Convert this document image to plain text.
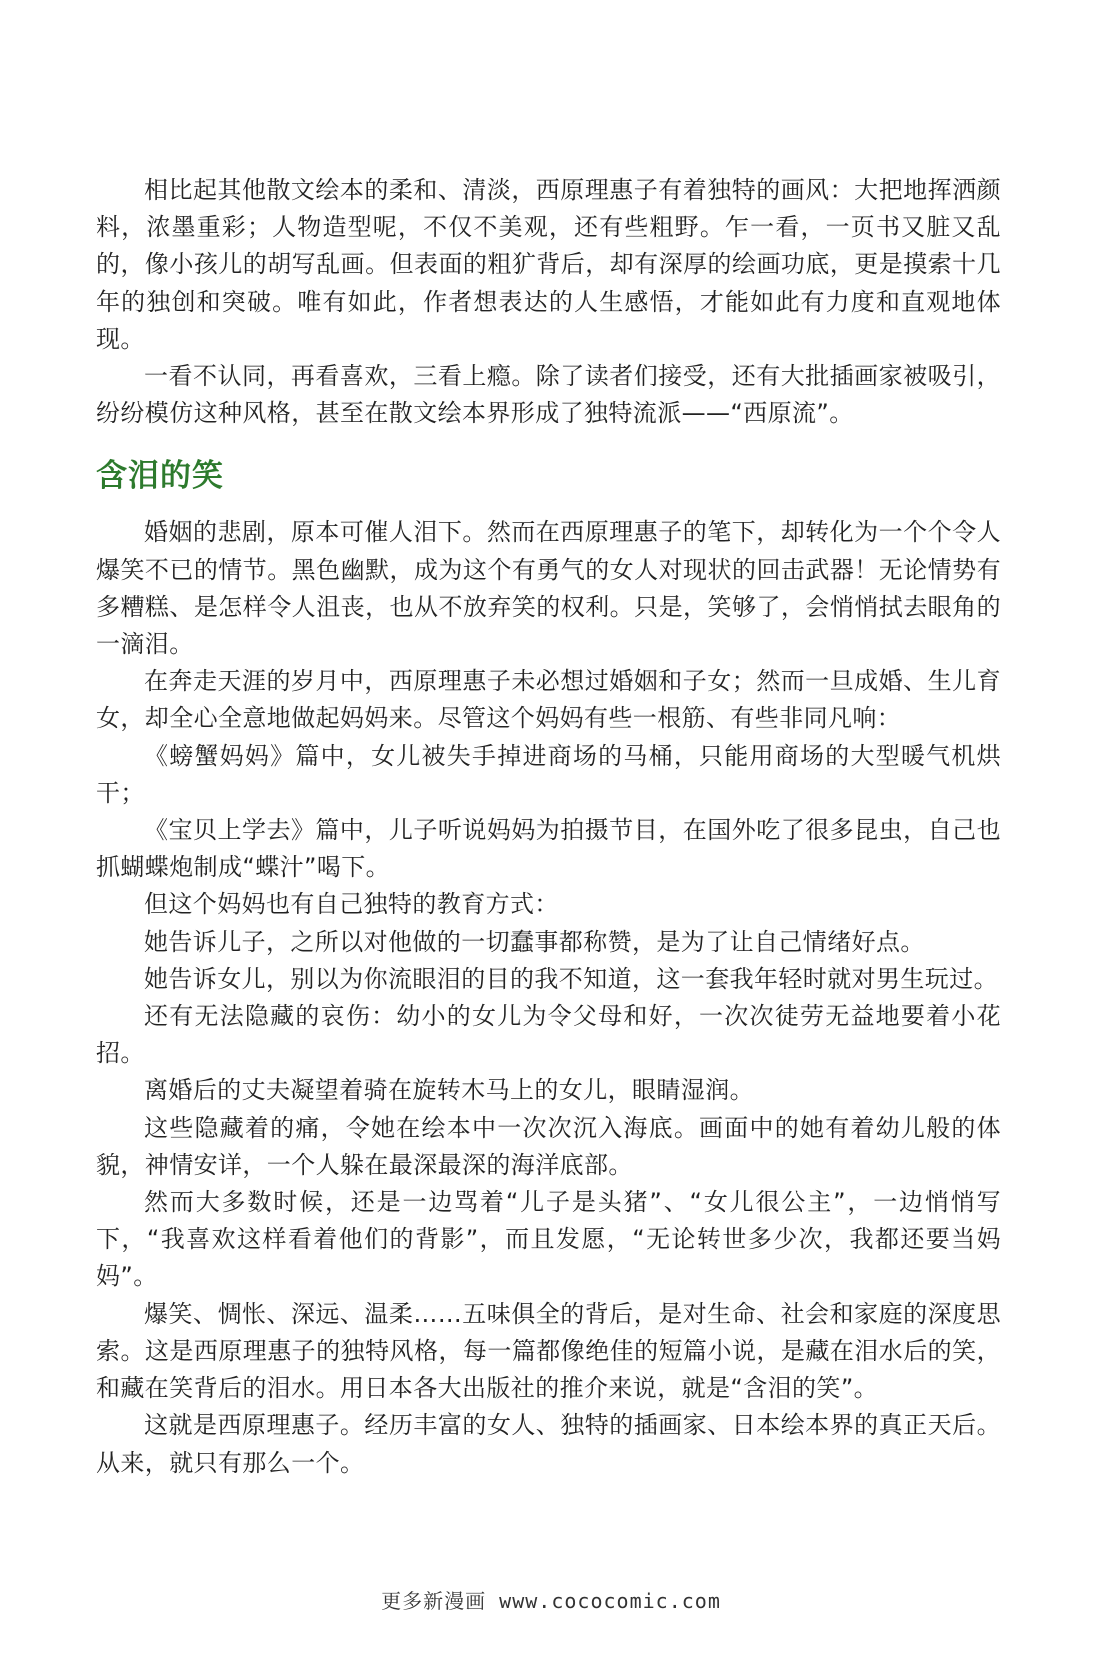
相比起其他散文绘本的柔和、清淡，西原理惠子有着独特的画风：大把地挥洒颜料，浓墨重彩；人物造型呢，不仅不美观，还有些粗野。乍一看，一页书又脏又乱的，像小孩儿的胡写乱画。但表面的粗犷背后，却有深厚的绘画功底，更是摸索十几年的独创和突破。唯有如此，作者想表达的人生感悟，才能如此有力度和直观地体现。

一看不认同，再看喜欢，三看上瘾。除了读者们接受，还有大批插画家被吸引，纷纷模仿这种风格，甚至在散文绘本界形成了独特流派——“西原流”。

含泪的笑

婚姻的悲剧，原本可催人泪下。然而在西原理惠子的笔下，却转化为一个个令人爆笑不已的情节。黑色幽默，成为这个有勇气的女人对现状的回击武器！无论情势有多糟糕、是怎样令人沮丧，也从不放弃笑的权利。只是，笑够了，会悄悄拭去眼角的一滴泪。

在奔走天涯的岁月中，西原理惠子未必想过婚姻和子女；然而一旦成婚、生儿育女，却全心全意地做起妈妈来。尽管这个妈妈有些一根筋、有些非同凡响：

《螃蟹妈妈》篇中，女儿被失手掉进商场的马桶，只能用商场的大型暖气机烘干；

《宝贝上学去》篇中，儿子听说妈妈为拍摄节目，在国外吃了很多昆虫，自己也抓蝴蝶炮制成“蝶汁”喝下。

但这个妈妈也有自己独特的教育方式：

她告诉儿子，之所以对他做的一切蠢事都称赞，是为了让自己情绪好点。

她告诉女儿，别以为你流眼泪的目的我不知道，这一套我年轻时就对男生玩过。

还有无法隐藏的哀伤：幼小的女儿为令父母和好，一次次徒劳无益地要着小花招。

离婚后的丈夫凝望着骑在旋转木马上的女儿，眼睛湿润。

这些隐藏着的痛，令她在绘本中一次次沉入海底。画面中的她有着幼儿般的体貌，神情安详，一个人躲在最深最深的海洋底部。

然而大多数时候，还是一边骂着“儿子是头猪”、“女儿很公主”，一边悄悄写下，“我喜欢这样看着他们的背影”，而且发愿，“无论转世多少次，我都还要当妈妈”。

爆笑、惆怅、深远、温柔……五味俱全的背后，是对生命、社会和家庭的深度思索。这是西原理惠子的独特风格，每一篇都像绝佳的短篇小说，是藏在泪水后的笑，和藏在笑背后的泪水。用日本各大出版社的推介来说，就是“含泪的笑”。

这就是西原理惠子。经历丰富的女人、独特的插画家、日本绘本界的真正天后。从来，就只有那么一个。

更多新漫画 www.cococomic.com
